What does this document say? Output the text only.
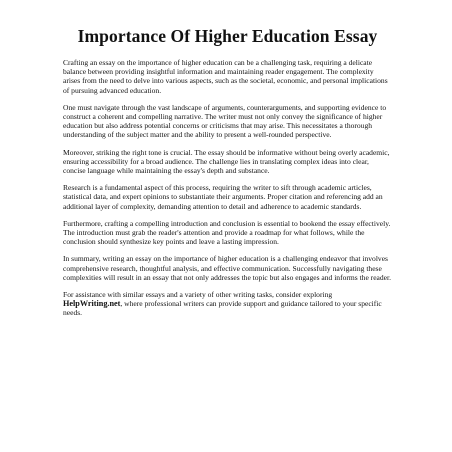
Importance Of Higher Education Essay

Crafting an essay on the importance of higher education can be a challenging task, requiring a delicate balance between providing insightful information and maintaining reader engagement. The complexity arises from the need to delve into various aspects, such as the societal, economic, and personal implications of pursuing advanced education.

One must navigate through the vast landscape of arguments, counterarguments, and supporting evidence to construct a coherent and compelling narrative. The writer must not only convey the significance of higher education but also address potential concerns or criticisms that may arise. This necessitates a thorough understanding of the subject matter and the ability to present a well-rounded perspective.

Moreover, striking the right tone is crucial. The essay should be informative without being overly academic, ensuring accessibility for a broad audience. The challenge lies in translating complex ideas into clear, concise language while maintaining the essay's depth and substance.

Research is a fundamental aspect of this process, requiring the writer to sift through academic articles, statistical data, and expert opinions to substantiate their arguments. Proper citation and referencing add an additional layer of complexity, demanding attention to detail and adherence to academic standards.

Furthermore, crafting a compelling introduction and conclusion is essential to bookend the essay effectively. The introduction must grab the reader's attention and provide a roadmap for what follows, while the conclusion should synthesize key points and leave a lasting impression.

In summary, writing an essay on the importance of higher education is a challenging endeavor that involves comprehensive research, thoughtful analysis, and effective communication. Successfully navigating these complexities will result in an essay that not only addresses the topic but also engages and informs the reader.

For assistance with similar essays and a variety of other writing tasks, consider exploring HelpWriting.net, where professional writers can provide support and guidance tailored to your specific needs.
